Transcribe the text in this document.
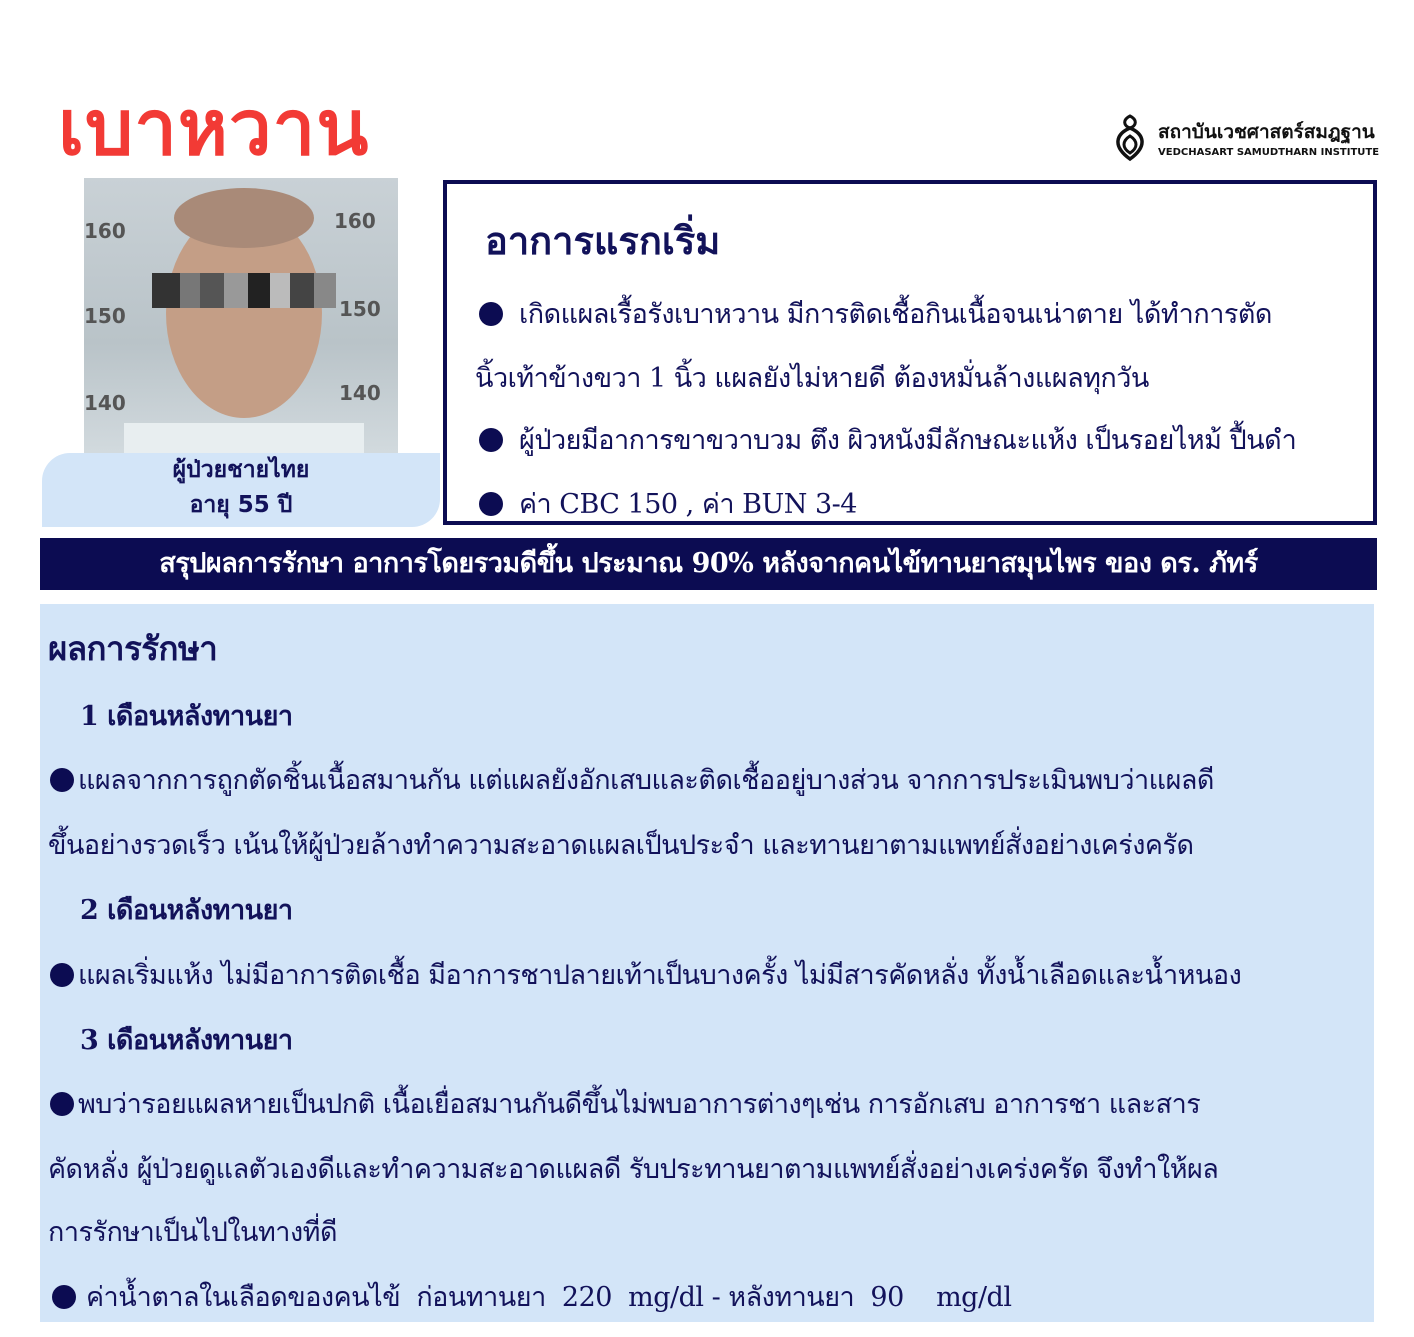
เบาหวาน	สถาบันเวชศาสตร์สมฎฐาน
VEDCHASART SAMUDTHARN INSTITUTE
160	160
150	150
140	140
ผู้ป่วยชายไทย
อายุ 55 ปี
อาการแรกเริ่ม
เกิดแผลเรื้อรังเบาหวาน มีการติดเชื้อกินเนื้อจนเน่าตาย ได้ทำการตัด
นิ้วเท้าข้างขวา 1 นิ้ว แผลยังไม่หายดี ต้องหมั่นล้างแผลทุกวัน
ผู้ป่วยมีอาการขาขวาบวม ตึง ผิวหนังมีลักษณะแห้ง เป็นรอยไหม้ ปื้นดำ
ค่า CBC 150 , ค่า BUN 3-4
สรุปผลการรักษา อาการโดยรวมดีขึ้น ประมาณ 90% หลังจากคนไข้ทานยาสมุนไพร ของ ดร. ภัทร์
ผลการรักษา
1 เดือนหลังทานยา
แผลจากการถูกตัดชิ้นเนื้อสมานกัน แต่แผลยังอักเสบและติดเชื้ออยู่บางส่วน จากการประเมินพบว่าแผลดี
ขึ้นอย่างรวดเร็ว เน้นให้ผู้ป่วยล้างทำความสะอาดแผลเป็นประจำ และทานยาตามแพทย์สั่งอย่างเคร่งครัด
2 เดือนหลังทานยา
แผลเริ่มแห้ง ไม่มีอาการติดเชื้อ มีอาการชาปลายเท้าเป็นบางครั้ง ไม่มีสารคัดหลั่ง ทั้งน้ำเลือดและน้ำหนอง
3 เดือนหลังทานยา
พบว่ารอยแผลหายเป็นปกติ เนื้อเยื่อสมานกันดีขึ้นไม่พบอาการต่างๆเช่น การอักเสบ อาการชา และสาร
คัดหลั่ง ผู้ป่วยดูแลตัวเองดีและทำความสะอาดแผลดี รับประทานยาตามแพทย์สั่งอย่างเคร่งครัด จึงทำให้ผล
การรักษาเป็นไปในทางที่ดี
ค่าน้ำตาลในเลือดของคนไข้  ก่อนทานยา  220  mg/dl - หลังทานยา  90    mg/dl
